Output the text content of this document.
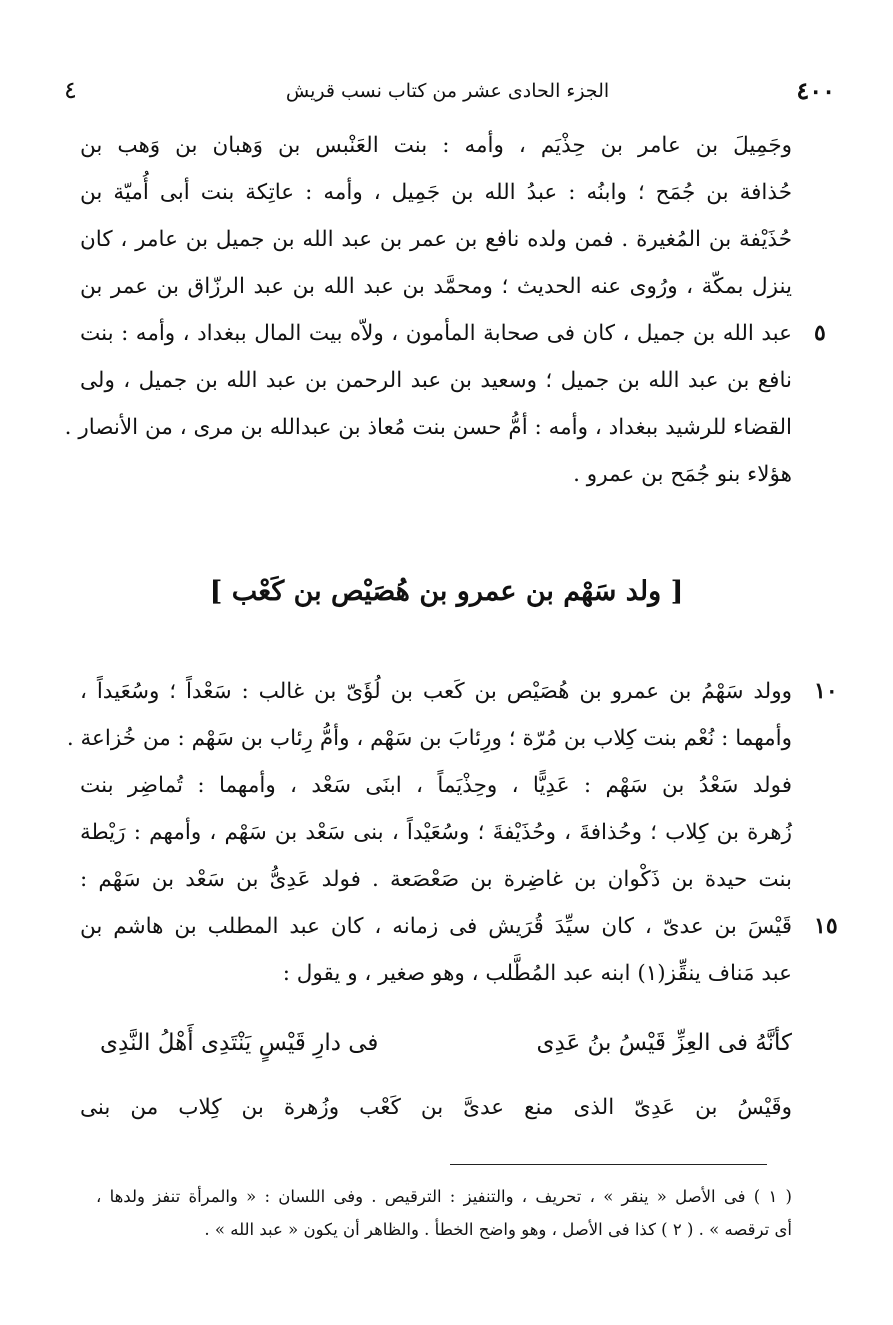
٤	الجزء الحادى عشر من كتاب نسب قريش	٤٠٠
وجَمِيلَ بن عامر بن حِذْيَم ، وأمه : بنت العَنْبس بن وَهبان بن وَهب بن
حُذافة بن جُمَح ؛ وابنُه : عبدُ الله بن جَمِيل ، وأمه : عاتِكة بنت أبى أُميّة بن
حُذَيْفة بن المُغيرة . فمن ولده نافع بن عمر بن عبد الله بن جميل بن عامر ، كان
ينزل بمكّة ، ورُوى عنه الحديث ؛ ومحمَّد بن عبد الله بن عبد الرزّاق بن عمر بن
عبد الله بن جميل ، كان فى صحابة المأمون ، ولاّه بيت المال ببغداد ، وأمه : بنت ٥
نافع بن عبد الله بن جميل ؛ وسعيد بن عبد الرحمن بن عبد الله بن جميل ، ولى
القضاء للرشيد ببغداد ، وأمه : أمُّ حسن بنت مُعاذ بن عبدالله بن مرى ، من الأنصار .
هؤلاء بنو جُمَح بن عمرو .
[ ولد سَهْم بن عمرو بن هُصَيْص بن كَعْب ]
وولد سَهْمُ بن عمرو بن هُصَيْص بن كَعب بن لُؤَىّ بن غالب : سَعْداً ؛ وسُعَيداً ، ١٠
وأمهما : نُعْم بنت كِلاب بن مُرّة ؛ ورِئابَ بن سَهْم ، وأمُّ رِئاب بن سَهْم : من خُزاعة .
فولد سَعْدُ بن سَهْم : عَدِيًّا ، وحِذْيَماً ، ابنَى سَعْد ، وأمهما : تُماضِر بنت
زُهرة بن كِلاب ؛ وحُذافةَ ، وحُذَيْفةَ ؛ وسُعَيْداً ، بنى سَعْد بن سَهْم ، وأمهم : رَيْطة
بنت حيدة بن ذَكْوان بن غاضِرة بن صَعْصَعة . فولد عَدِىُّ بن سَعْد بن سَهْم :
قَيْسَ بن عدىّ ، كان سيِّدَ قُرَيش فى زمانه ، كان عبد المطلب بن هاشم بن ١٥
عبد مَناف ينقِّز(١) ابنه عبد المُطَّلب ، وهو صغير ، و يقول :
كأنَّهُ فى العِزِّ قَيْسُ بنُ عَدِى
فى دارِ قَيْسٍ يَنْتَدِى أَهْلُ النَّدِى
وقَيْسُ بن عَدِىّ الذى منع عدىَّ بن كَعْب وزُهرة بن كِلاب من بنى
( ١ ) فى الأصل « ينقر » ، تحريف ، والتنفيز : الترقيص . وفى اللسان : « والمرأة تنفز ولدها ،
أى ترقصه » . ( ٢ ) كذا فى الأصل ، وهو واضح الخطأ . والظاهر أن يكون « عبد الله » .
